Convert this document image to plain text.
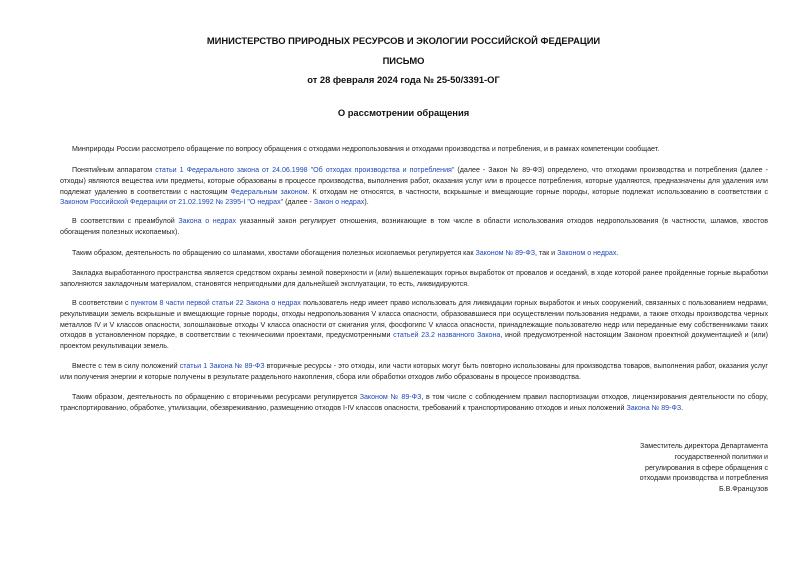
МИНИСТЕРСТВО ПРИРОДНЫХ РЕСУРСОВ И ЭКОЛОГИИ РОССИЙСКОЙ ФЕДЕРАЦИИ
ПИСЬМО
от 28 февраля 2024 года № 25-50/3391-ОГ
О рассмотрении обращения

Минприроды России рассмотрело обращение по вопросу обращения с отходами недропользования и отходами производства и потребления, и в рамках компетенции сообщает.

Понятийным аппаратом статьи 1 Федерального закона от 24.06.1998 "Об отходах производства и потребления" (далее - Закон № 89-ФЗ) определено, что отходами производства и потребления (далее - отходы) являются вещества или предметы, которые образованы в процессе производства, выполнения работ, оказания услуг или в процессе потребления, которые удаляются, предназначены для удаления или подлежат удалению в соответствии с настоящим Федеральным законом. К отходам не относятся, в частности, вскрышные и вмещающие горные породы, которые подлежат использованию в соответствии с Законом Российской Федерации от 21.02.1992 № 2395-I "О недрах" (далее - Закон о недрах).

В соответствии с преамбулой Закона о недрах указанный закон регулирует отношения, возникающие в том числе в области использования отходов недропользования (в частности, шламов, хвостов обогащения полезных ископаемых).

Таким образом, деятельность по обращению со шламами, хвостами обогащения полезных ископаемых регулируется как Законом № 89-ФЗ, так и Законом о недрах.

Закладка выработанного пространства является средством охраны земной поверхности и (или) вышележащих горных выработок от провалов и оседаний, в ходе которой ранее пройденные горные выработки заполняются закладочным материалом, становятся непригодными для дальнейшей эксплуатации, то есть, ликвидируются.

В соответствии с пунктом 8 части первой статьи 22 Закона о недрах пользователь недр имеет право использовать для ликвидации горных выработок и иных сооружений, связанных с пользованием недрами, рекультивации земель вскрышные и вмещающие горные породы, отходы недропользования V класса опасности, образовавшиеся при осуществлении пользования недрами, а также отходы производства черных металлов IV и V классов опасности, золошлаковые отходы V класса опасности от сжигания угля, фосфогипс V класса опасности, принадлежащие пользователю недр или переданные ему собственниками таких отходов в установленном порядке, в соответствии с техническими проектами, предусмотренными статьей 23.2 названного Закона, иной предусмотренной настоящим Законом проектной документацией и (или) проектом рекультивации земель.

Вместе с тем в силу положений статьи 1 Закона № 89-ФЗ вторичные ресурсы - это отходы, или части которых могут быть повторно использованы для производства товаров, выполнения работ, оказания услуг или получения энергии и которые получены в результате раздельного накопления, сбора или обработки отходов либо образованы в процессе производства.

Таким образом, деятельность по обращению с вторичными ресурсами регулируется Законом № 89-ФЗ, в том числе с соблюдением правил паспортизации отходов, лицензирования деятельности по сбору, транспортированию, обработке, утилизации, обезвреживанию, размещению отходов I-IV классов опасности, требований к транспортированию отходов и иных положений Закона № 89-ФЗ.

Заместитель директора Департамента
государственной политики и
регулирования в сфере обращения с
отходами производства и потребления
Б.В.Французов
